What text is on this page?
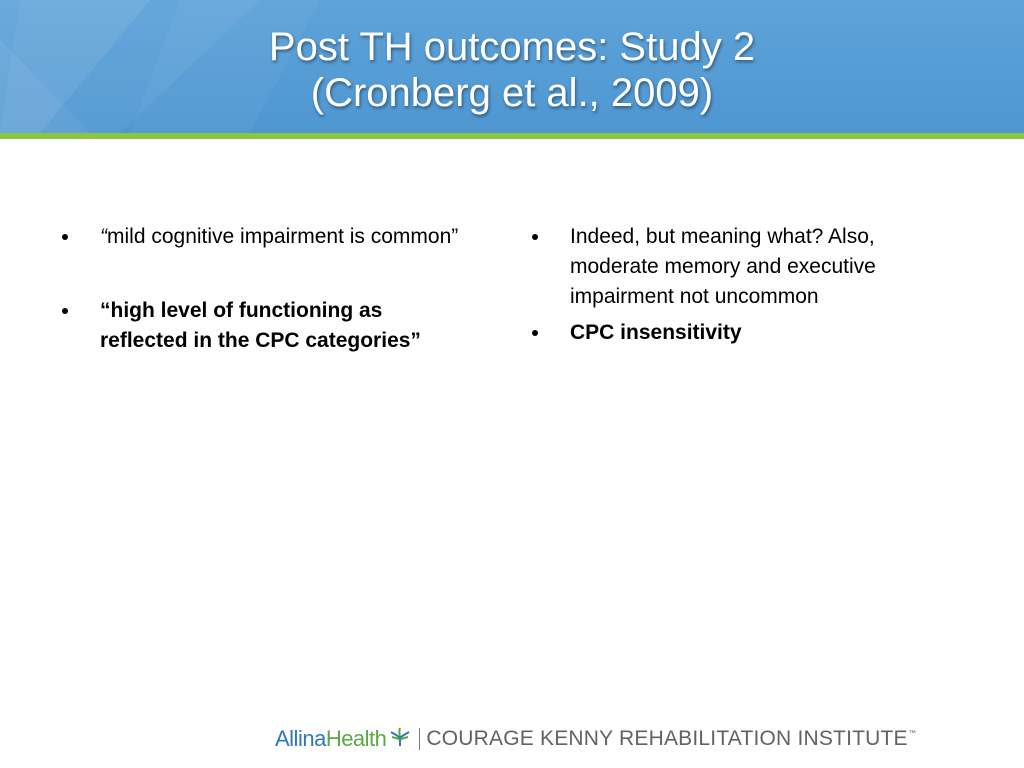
Post TH outcomes: Study 2
(Cronberg et al., 2009)
“mild cognitive impairment is common”
“high level of functioning as reflected in the CPC categories”
Indeed, but meaning what? Also, moderate memory and executive impairment not uncommon
CPC insensitivity
Allina Health COURAGE KENNY REHABILITATION INSTITUTE ™
